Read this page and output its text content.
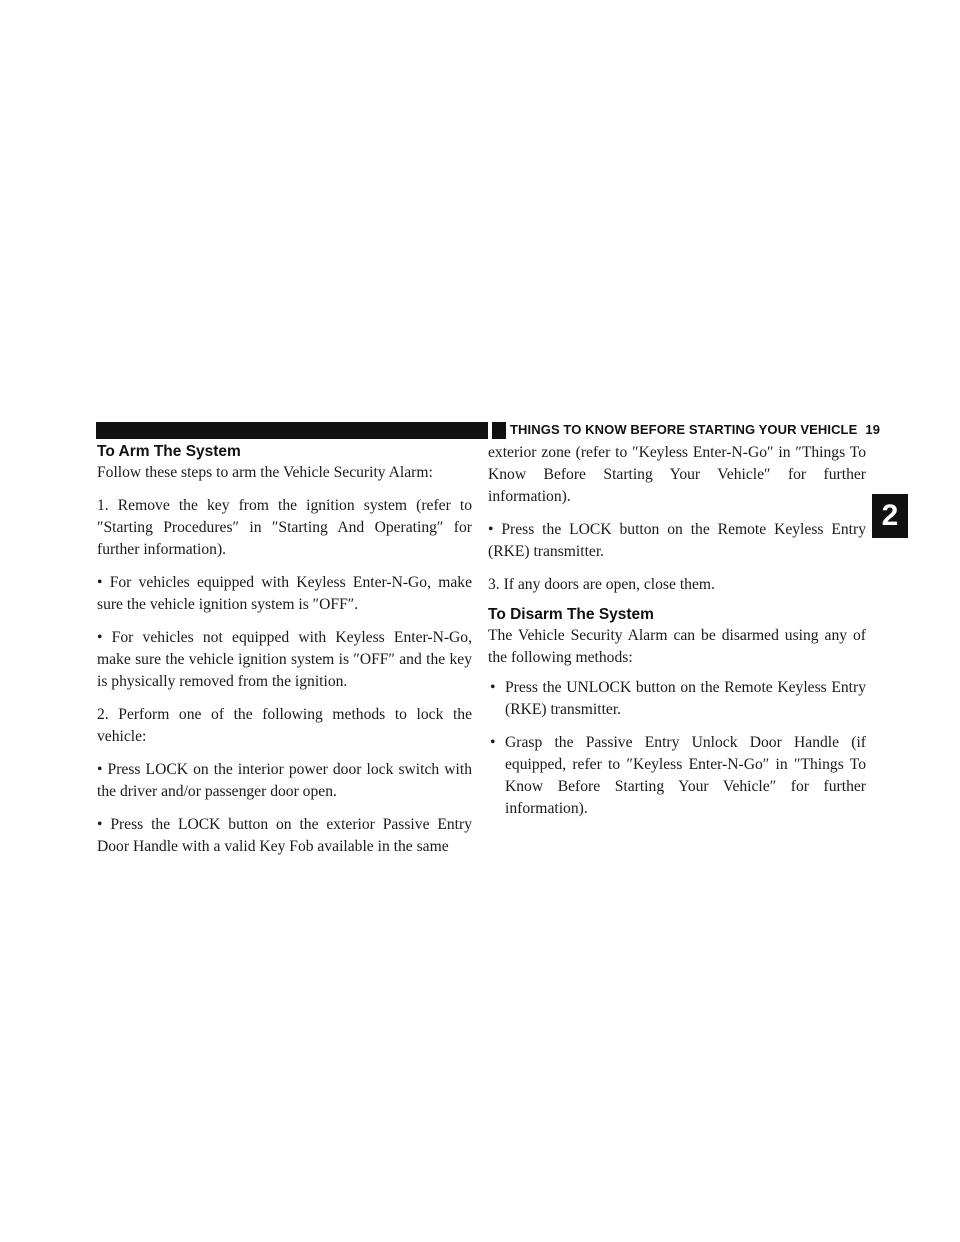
THINGS TO KNOW BEFORE STARTING YOUR VEHICLE 19
2
To Arm The System

Follow these steps to arm the Vehicle Security Alarm:

1. Remove the key from the ignition system (refer to ″Starting Procedures″ in ″Starting And Operating″ for further information).

• For vehicles equipped with Keyless Enter-N-Go, make sure the vehicle ignition system is ″OFF″.

• For vehicles not equipped with Keyless Enter-N-Go, make sure the vehicle ignition system is ″OFF″ and the key is physically removed from the ignition.

2. Perform one of the following methods to lock the vehicle:

• Press LOCK on the interior power door lock switch with the driver and/or passenger door open.

• Press the LOCK button on the exterior Passive Entry Door Handle with a valid Key Fob available in the same

exterior zone (refer to ″Keyless Enter-N-Go″ in ″Things To Know Before Starting Your Vehicle″ for further information).

• Press the LOCK button on the Remote Keyless Entry (RKE) transmitter.

3. If any doors are open, close them.

To Disarm The System

The Vehicle Security Alarm can be disarmed using any of the following methods:

• Press the UNLOCK button on the Remote Keyless Entry (RKE) transmitter.
• Grasp the Passive Entry Unlock Door Handle (if equipped, refer to ″Keyless Enter-N-Go″ in ″Things To Know Before Starting Your Vehicle″ for further information).
